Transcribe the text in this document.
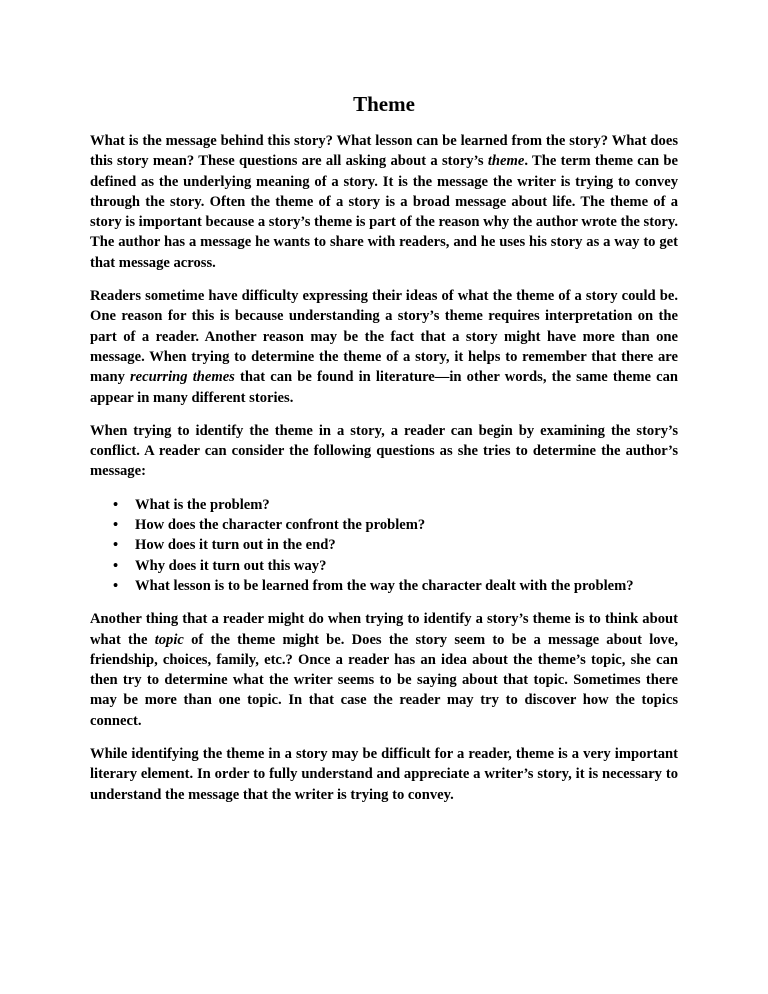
Theme

What is the message behind this story? What lesson can be learned from the story? What does this story mean? These questions are all asking about a story’s theme. The term theme can be defined as the underlying meaning of a story. It is the message the writer is trying to convey through the story. Often the theme of a story is a broad message about life. The theme of a story is important because a story’s theme is part of the reason why the author wrote the story. The author has a message he wants to share with readers, and he uses his story as a way to get that message across.

Readers sometime have difficulty expressing their ideas of what the theme of a story could be. One reason for this is because understanding a story’s theme requires interpretation on the part of a reader. Another reason may be the fact that a story might have more than one message. When trying to determine the theme of a story, it helps to remember that there are many recurring themes that can be found in literature—in other words, the same theme can appear in many different stories.

When trying to identify the theme in a story, a reader can begin by examining the story’s conflict. A reader can consider the following questions as she tries to determine the author’s message:

• What is the problem?
• How does the character confront the problem?
• How does it turn out in the end?
• Why does it turn out this way?
• What lesson is to be learned from the way the character dealt with the problem?

Another thing that a reader might do when trying to identify a story’s theme is to think about what the topic of the theme might be. Does the story seem to be a message about love, friendship, choices, family, etc.? Once a reader has an idea about the theme’s topic, she can then try to determine what the writer seems to be saying about that topic. Sometimes there may be more than one topic. In that case the reader may try to discover how the topics connect.

While identifying the theme in a story may be difficult for a reader, theme is a very important literary element. In order to fully understand and appreciate a writer’s story, it is necessary to understand the message that the writer is trying to convey.
